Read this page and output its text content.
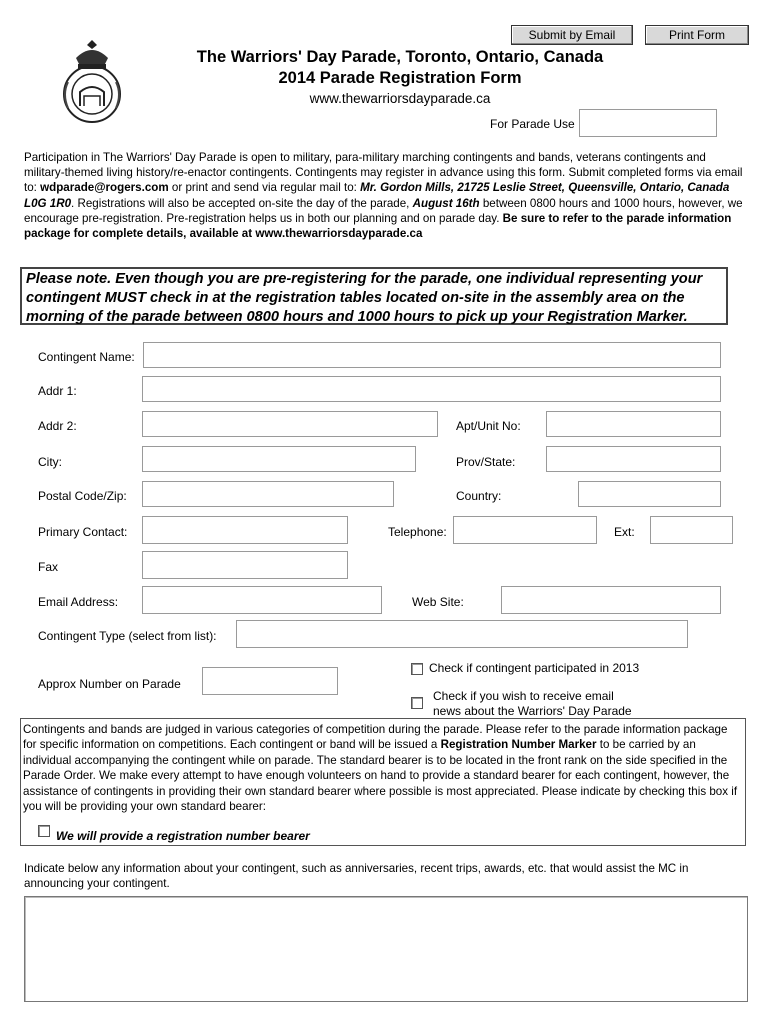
Submit by Email	Print Form
The Warriors' Day Parade, Toronto, Ontario, Canada
2014 Parade Registration Form
www.thewarriorsdayparade.ca
For Parade Use
Participation in The Warriors' Day Parade is open to military, para-military marching contingents and bands, veterans contingents and military-themed living history/re-enactor contingents. Contingents may register in advance using this form. Submit completed forms via email to: wdparade@rogers.com or print and send via regular mail to: Mr. Gordon Mills, 21725 Leslie Street, Queensville, Ontario, Canada L0G 1R0. Registrations will also be accepted on-site the day of the parade, August 16th between 0800 hours and 1000 hours, however, we encourage pre-registration. Pre-registration helps us in both our planning and on parade day. Be sure to refer to the parade information package for complete details, available at www.thewarriorsdayparade.ca
Please note. Even though you are pre-registering for the parade, one individual representing your contingent MUST check in at the registration tables located on-site in the assembly area on the morning of the parade between 0800 hours and 1000 hours to pick up your Registration Marker.
Contingent Name:
Addr 1:
Addr 2:	Apt/Unit No:
City:	Prov/State:
Postal Code/Zip:	Country:
Primary Contact:	Telephone:	Ext:
Fax
Email Address:	Web Site:
Contingent Type (select from list):
Approx Number on Parade
Check if contingent participated in 2013
Check if you wish to receive email
news about the Warriors' Day Parade
Contingents and bands are judged in various categories of competition during the parade. Please refer to the parade information package for specific information on competitions. Each contingent or band will be issued a Registration Number Marker to be carried by an individual accompanying the contingent while on parade. The standard bearer is to be located in the front rank on the side specified in the Parade Order. We make every attempt to have enough volunteers on hand to provide a standard bearer for each contingent, however, the assistance of contingents in providing their own standard bearer where possible is most appreciated. Please indicate by checking this box if you will be providing your own standard bearer:
We will provide a registration number bearer
Indicate below any information about your contingent, such as anniversaries, recent trips, awards, etc. that would assist the MC in announcing your contingent.
